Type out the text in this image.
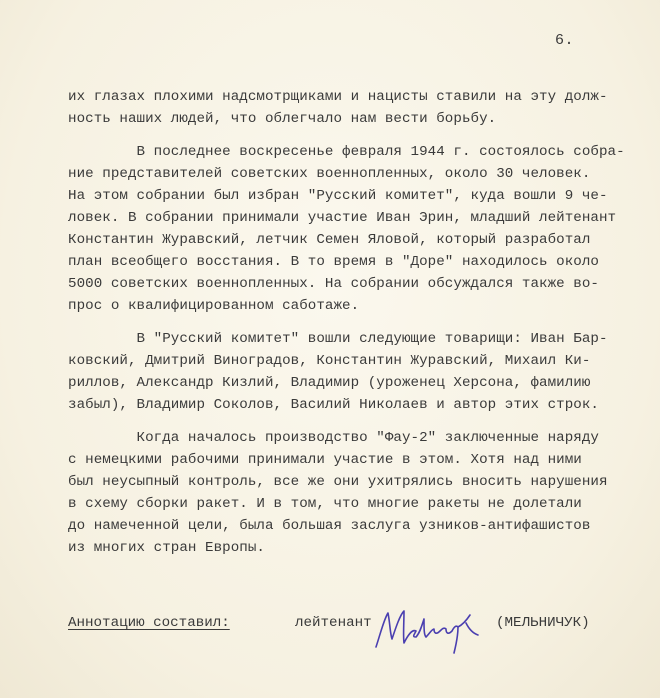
6.
их глазах плохими надсмотрщиками и нацисты ставили на эту долж-
ность наших людей, что облегчало нам вести борьбу.
В последнее воскресенье февраля 1944 г. состоялось собра-
ние представителей советских военнопленных, около 30 человек.
На этом собрании был избран "Русский комитет", куда вошли 9 че-
ловек. В собрании принимали участие Иван Эрин, младший лейтенант
Константин Журавский, летчик Семен Яловой, который разработал
план всеобщего восстания. В то время в "Доре" находилось около
5000 советских военнопленных. На собрании обсуждался также во-
прос о квалифицированном саботаже.
В "Русский комитет" вошли следующие товарищи: Иван Бар-
ковский, Дмитрий Виноградов, Константин Журавский, Михаил Ки-
риллов, Александр Кизлий, Владимир (уроженец Херсона, фамилию
забыл), Владимир Соколов, Василий Николаев и автор этих строк.
Когда началось производство "Фау-2" заключенные наряду
с немецкими рабочими принимали участие в этом. Хотя над ними
был неусыпный контроль, все же они ухитрялись вносить нарушения
в схему сборки ракет. И в том, что многие ракеты не долетали
до намеченной цели, была большая заслуга узников-антифашистов
из многих стран Европы.

Аннотацию составил:

	лейтенант

	(МЕЛЬНИЧУК)
